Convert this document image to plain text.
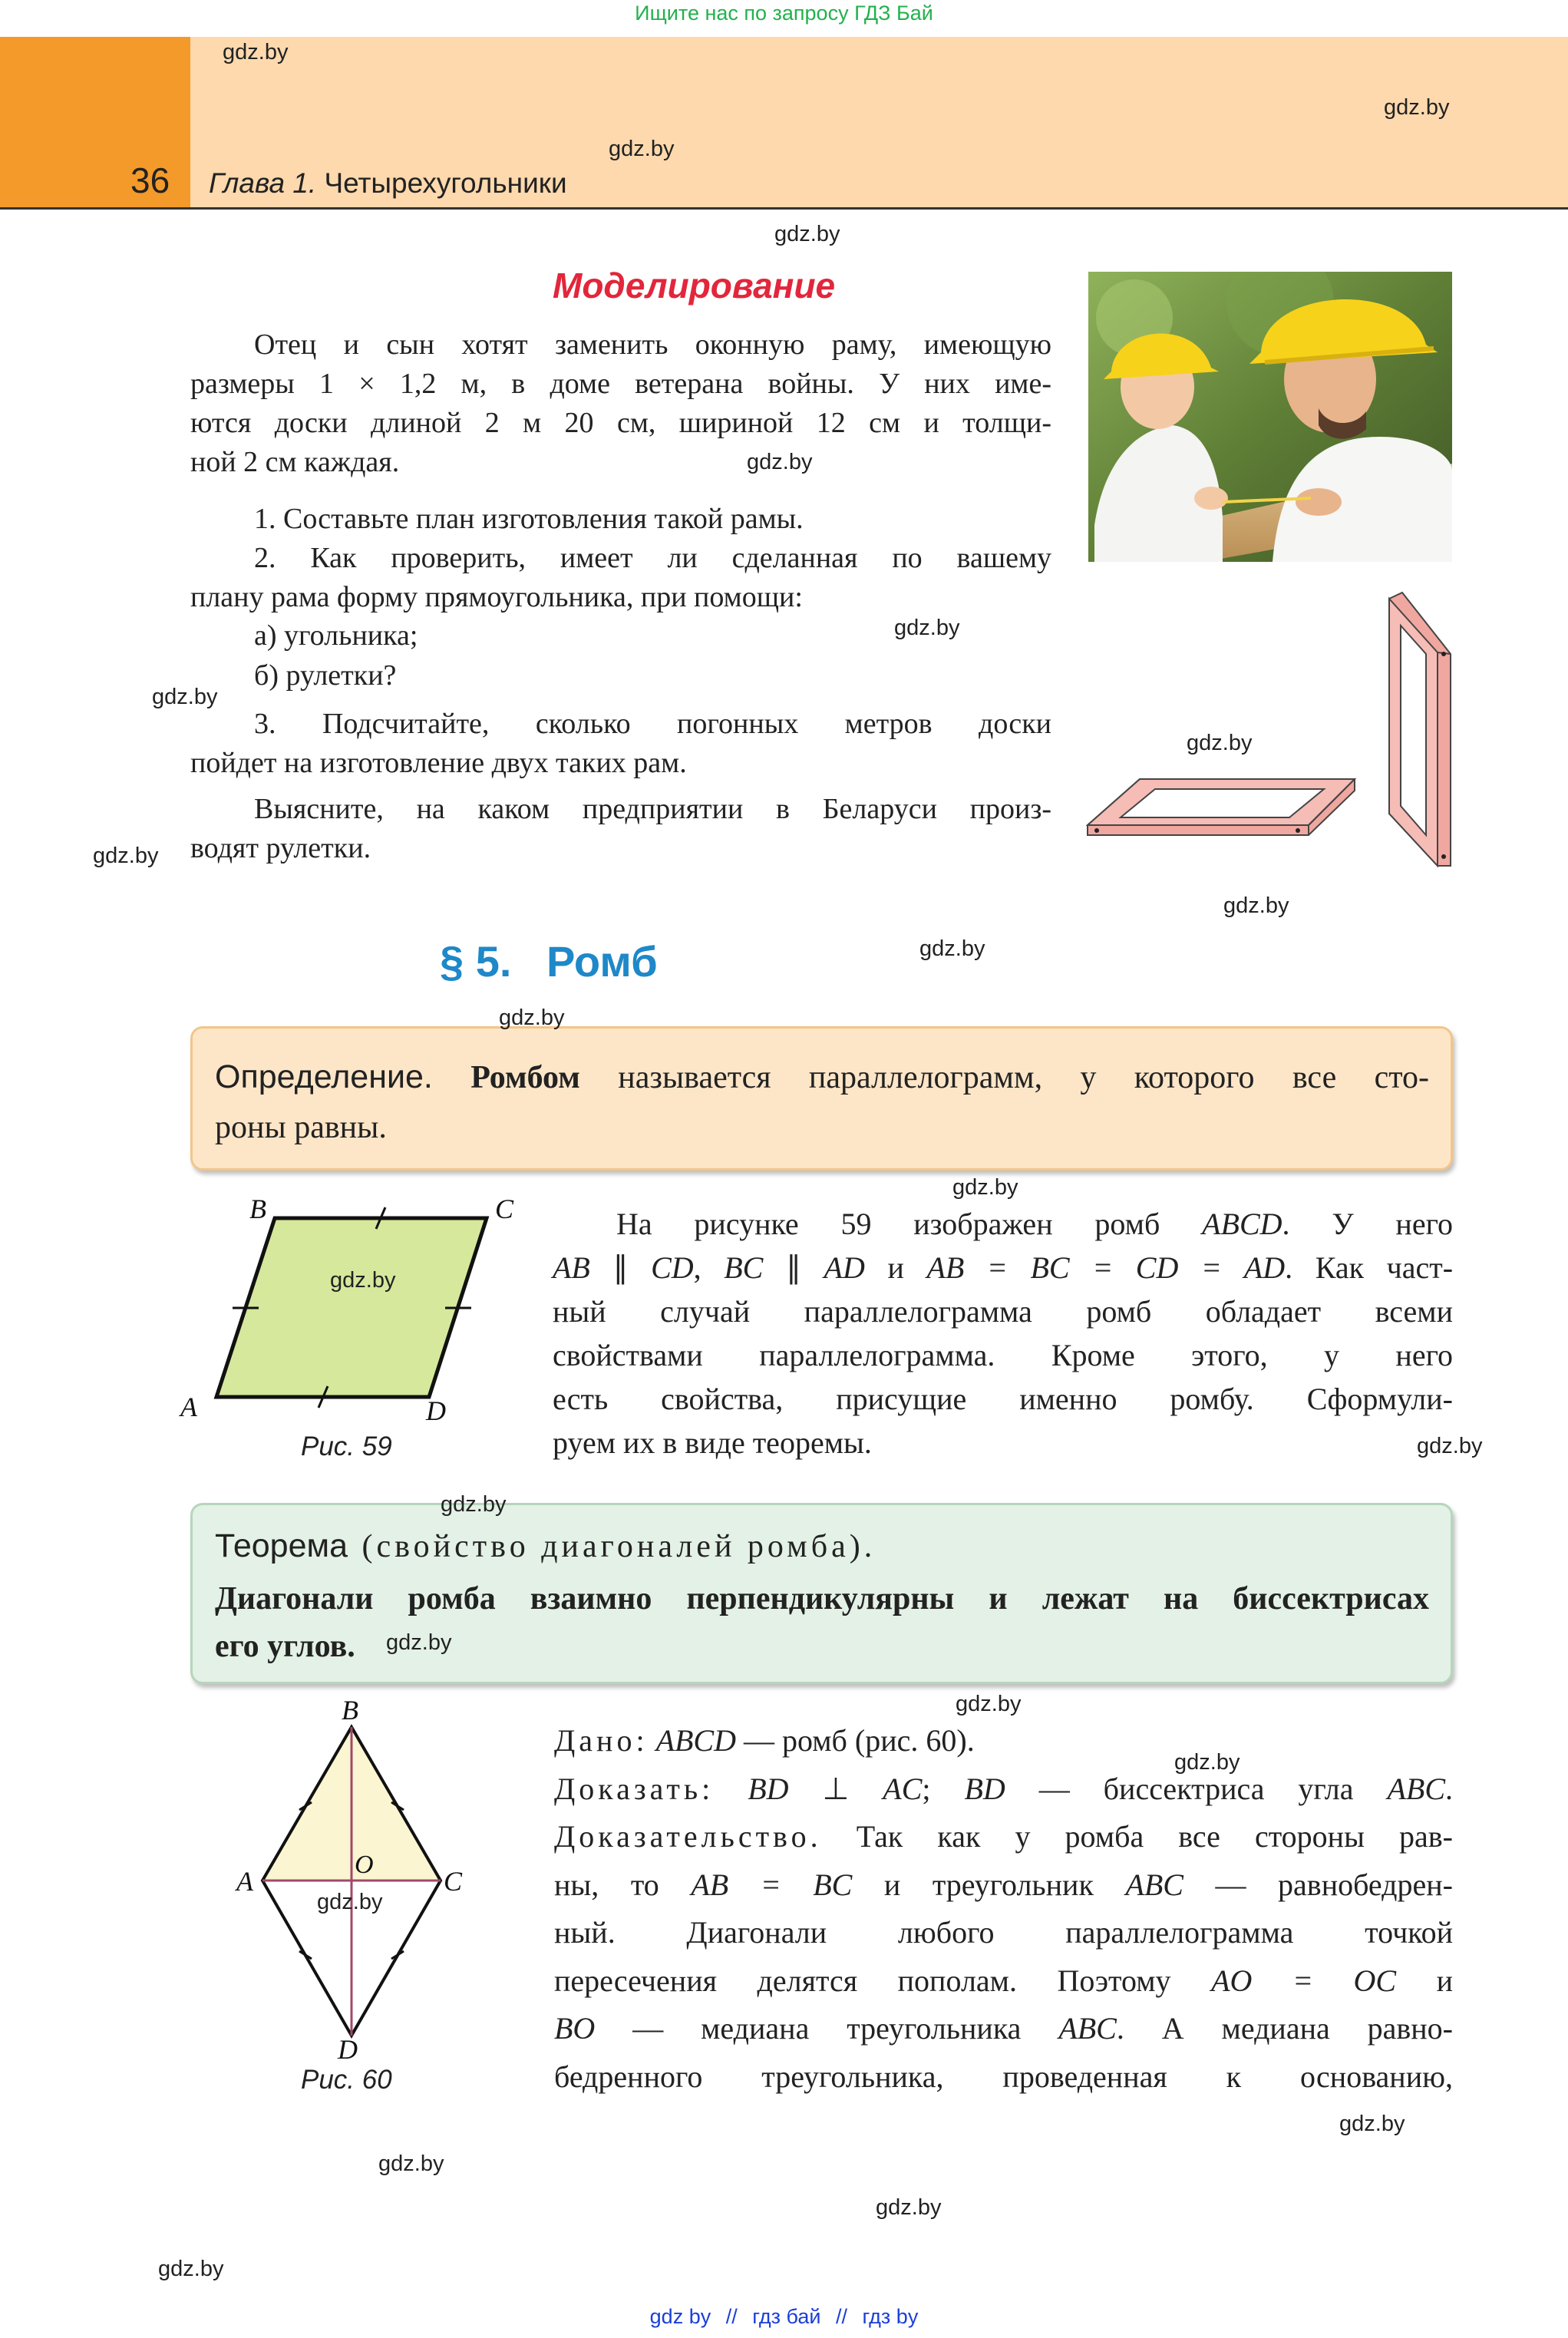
Ищите нас по запросу ГДЗ Бай
36 Глава 1. Четырехугольники
Моделирование
Отец и сын хотят заменить оконную раму, имеющую
размеры 1 × 1,2 м, в доме ветерана войны. У них име-
ются доски длиной 2 м 20 см, шириной 12 см и толщи-
ной 2 см каждая.
1. Составьте план изготовления такой рамы.
2. Как проверить, имеет ли сделанная по вашему
плану рама форму прямоугольника, при помощи:
а) угольника;
б) рулетки?
3. Подсчитайте, сколько погонных метров доски
пойдет на изготовление двух таких рам.
Выясните, на каком предприятии в Беларуси произ-
водят рулетки.
§ 5. Ромб
Определение. Ромбом называется параллелограмм, у которого все сто-
роны равны.
B	C
A	D
Рис. 59
На рисунке 59 изображен ромб ABCD. У него
AB ∥ CD, BC ∥ AD и AB = BC = CD = AD. Как част-
ный случай параллелограмма ромб обладает всеми
свойствами параллелограмма. Кроме этого, у него
есть свойства, присущие именно ромбу. Сформули-
руем их в виде теоремы.
Теорема (свойство диагоналей ромба).
Диагонали ромба взаимно перпендикулярны и лежат на биссектрисах
его углов.
B
A	C
D
O
Рис. 60
Дано: ABCD — ромб (рис. 60).
Доказать: BD ⊥ AC; BD — биссектриса угла ABC.
Доказательство. Так как у ромба все стороны рав-
ны, то AB = BC и треугольник ABC — равнобедрен-
ный. Диагонали любого параллелограмма точкой
пересечения делятся пополам. Поэтому AO = OC и
BO — медиана треугольника ABC. А медиана равно-
бедренного треугольника, проведенная к основанию,
gdz.by
gdz.by
gdz.by
gdz.by
gdz.by
gdz.by
gdz.by
gdz.by
gdz.by
gdz.by
gdz.by
gdz.by
gdz.by
gdz.by
gdz.by
gdz.by
gdz.by
gdz.by
gdz.by
gdz.by
gdz.by
gdz.by
gdz.by
gdz.by
gdz by // гдз бай // гдз by
